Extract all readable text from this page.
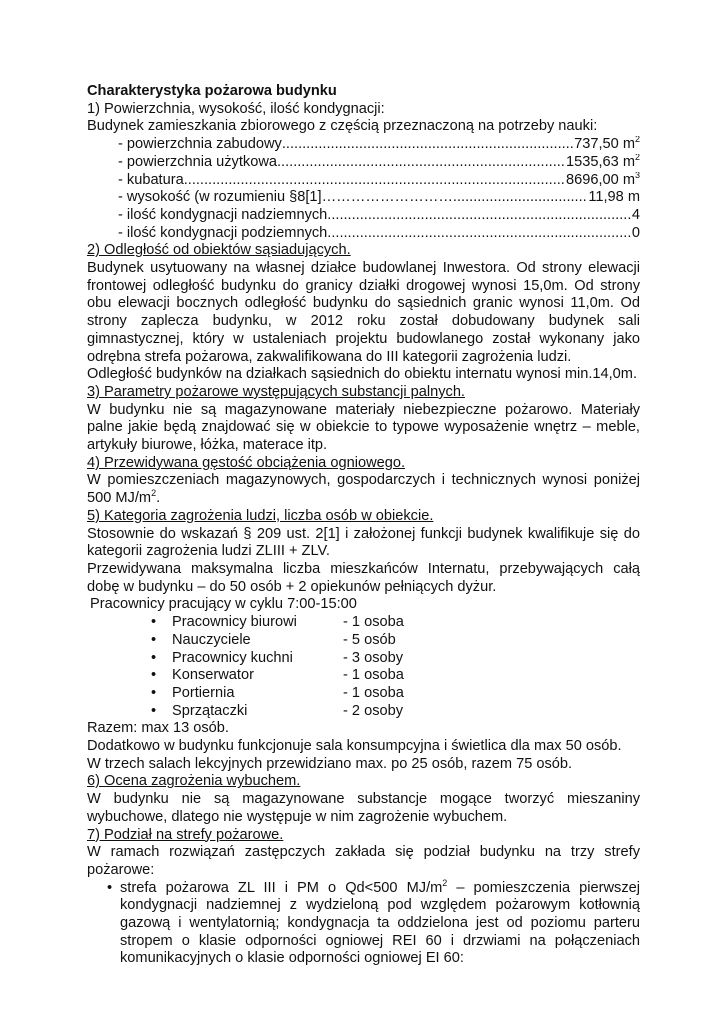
Charakterystyka pożarowa budynku

1) Powierzchnia, wysokość, ilość kondygnacji:

Budynek zamieszkania zbiorowego z częścią przeznaczoną na potrzeby nauki:

- powierzchnia zabudowy .....	737,50 $m^2$
- powierzchnia użytkowa .....	1535,63 $m^2$
- kubatura .....	8696,00 $m^3$
- wysokość (w rozumieniu §8[1]……………………….. .....	11,98 m
- ilość kondygnacji nadziemnych .....	4
- ilość kondygnacji podziemnych .....	0

2) Odległość od obiektów sąsiadujących.

Budynek usytuowany na własnej działce budowlanej Inwestora. Od strony elewacji frontowej odległość budynku do granicy działki drogowej wynosi 15,0m. Od strony obu elewacji bocznych odległość budynku do sąsiednich granic wynosi 11,0m. Od strony zaplecza budynku, w 2012 roku został dobudowany budynek sali gimnastycznej, który w ustaleniach projektu budowlanego został wykonany jako odrębna strefa pożarowa, zakwalifikowana do III kategorii zagrożenia ludzi.

Odległość budynków na działkach sąsiednich do obiektu internatu wynosi min.14,0m.

3) Parametry pożarowe występujących substancji palnych.

W budynku nie są magazynowane materiały niebezpieczne pożarowo. Materiały palne jakie będą znajdować się w obiekcie to typowe wyposażenie wnętrz – meble, artykuły biurowe, łóżka, materace itp.

4) Przewidywana gęstość obciążenia ogniowego.

W pomieszczeniach magazynowych, gospodarczych i technicznych wynosi poniżej 500 $MJ/m^2$.

5) Kategoria zagrożenia ludzi, liczba osób w obiekcie.

Stosownie do wskazań § 209 ust. 2[1] i założonej funkcji budynek kwalifikuje się do kategorii zagrożenia ludzi ZLIII + ZLV.

Przewidywana maksymalna liczba mieszkańców Internatu, przebywających całą dobę w budynku – do 50 osób + 2 opiekunów pełniących dyżur.

Pracownicy pracujący w cyklu 7:00-15:00

•	Pracownicy biurowi	- 1 osoba
•	Nauczyciele	- 5 osób
•	Pracownicy kuchni	- 3 osoby
•	Konserwator	- 1 osoba
•	Portiernia	- 1 osoba
•	Sprzątaczki	- 2 osoby

Razem: max 13 osób.

Dodatkowo w budynku funkcjonuje sala konsumpcyjna i świetlica dla max 50 osób.

W trzech salach lekcyjnych przewidziano max. po 25 osób, razem 75 osób.

6) Ocena zagrożenia wybuchem.

W budynku nie są magazynowane substancje mogące tworzyć mieszaniny wybuchowe, dlatego nie występuje w nim zagrożenie wybuchem.

7) Podział na strefy pożarowe.

W ramach rozwiązań zastępczych zakłada się podział budynku na trzy strefy pożarowe:

• strefa pożarowa ZL III i PM o Qd<500 $MJ/m^2$ – pomieszczenia pierwszej kondygnacji nadziemnej z wydzieloną pod względem pożarowym kotłownią gazową i wentylatornią; kondygnacja ta oddzielona jest od poziomu parteru stropem o klasie odporności ogniowej REI 60 i drzwiami na połączeniach komunikacyjnych o klasie odporności ogniowej EI 60:
